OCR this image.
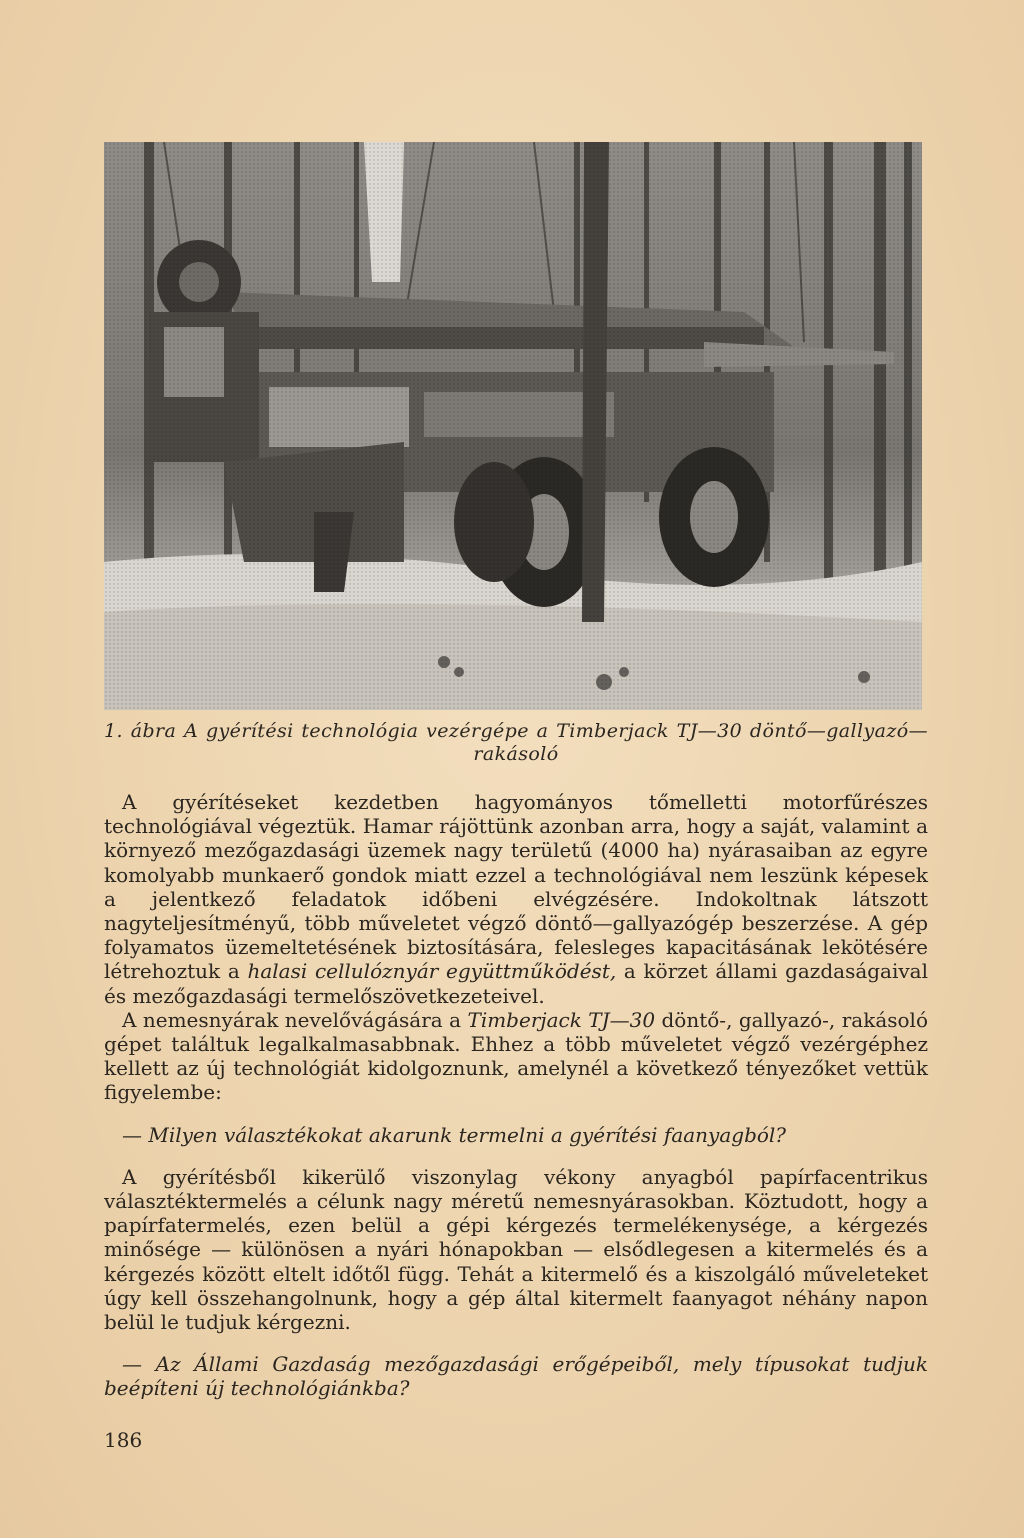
1. ábra A gyérítési technológia vezérgépe a Timberjack TJ—30 döntő—gallyazó—
rakásoló

A gyérítéseket kezdetben hagyományos tőmelletti motorfűrészes technológiával végeztük. Hamar rájöttünk azonban arra, hogy a saját, valamint a környező mezőgazdasági üzemek nagy területű (4000 ha) nyárasaiban az egyre komolyabb munkaerő gondok miatt ezzel a technológiával nem leszünk képesek a jelentkező feladatok időbeni elvégzésére. Indokoltnak látszott nagyteljesítményű, több műveletet végző döntő—gallyazógép beszerzése. A gép folyamatos üzemeltetésének biztosítására, felesleges kapacitásának lekötésére létrehoztuk a halasi cellulóznyár együttműködést, a körzet állami gazdaságaival és mezőgazdasági termelőszövetkezeteivel.

A nemesnyárak nevelővágására a Timberjack TJ—30 döntő-, gallyazó-, rakásoló gépet találtuk legalkalmasabbnak. Ehhez a több műveletet végző vezérgéphez kellett az új technológiát kidolgoznunk, amelynél a következő tényezőket vettük figyelembe:

— Milyen választékokat akarunk termelni a gyérítési faanyagból?

A gyérítésből kikerülő viszonylag vékony anyagból papírfacentrikus választéktermelés a célunk nagy méretű nemesnyárasokban. Köztudott, hogy a papírfatermelés, ezen belül a gépi kérgezés termelékenysége, a kérgezés minősége — különösen a nyári hónapokban — elsődlegesen a kitermelés és a kérgezés között eltelt időtől függ. Tehát a kitermelő és a kiszolgáló műveleteket úgy kell összehangolnunk, hogy a gép által kitermelt faanyagot néhány napon belül le tudjuk kérgezni.

— Az Állami Gazdaság mezőgazdasági erőgépeiből, mely típusokat tudjuk beépíteni új technológiánkba?

186
